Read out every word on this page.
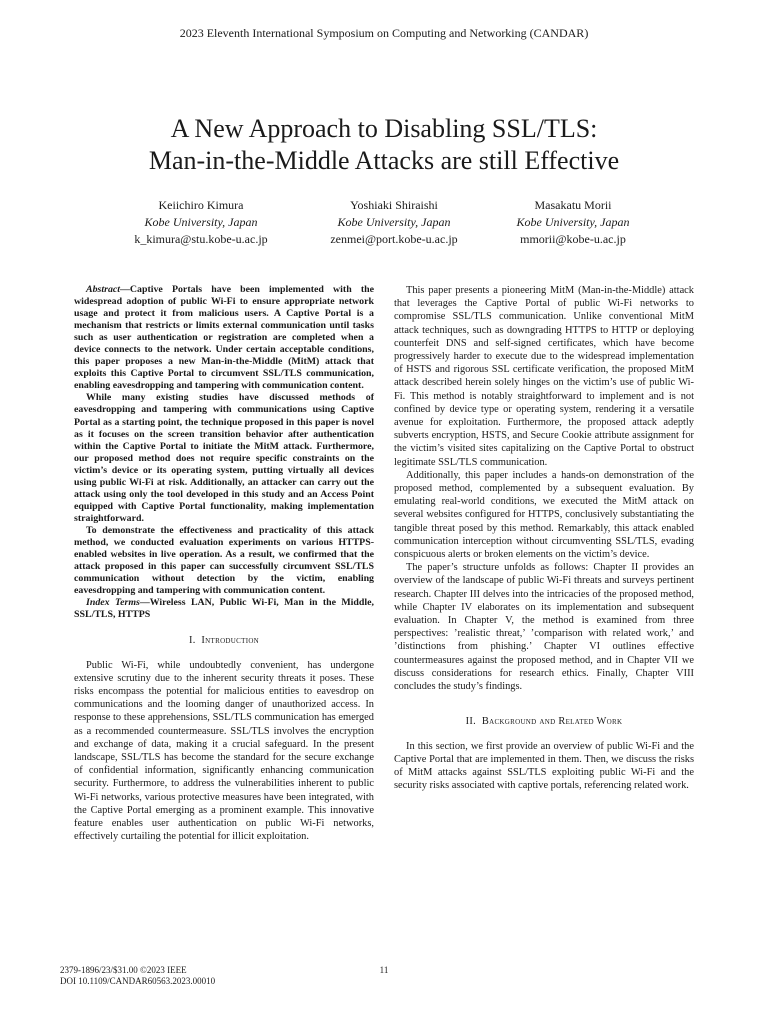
2023 Eleventh International Symposium on Computing and Networking (CANDAR)
A New Approach to Disabling SSL/TLS:
Man-in-the-Middle Attacks are still Effective
Keiichiro Kimura
Kobe University, Japan
k_kimura@stu.kobe-u.ac.jp
Yoshiaki Shiraishi
Kobe University, Japan
zenmei@port.kobe-u.ac.jp
Masakatu Morii
Kobe University, Japan
mmorii@kobe-u.ac.jp

Abstract—Captive Portals have been implemented with the widespread adoption of public Wi-Fi to ensure appropriate network usage and protect it from malicious users. A Captive Portal is a mechanism that restricts or limits external communication until tasks such as user authentication or registration are completed when a device connects to the network. Under certain acceptable conditions, this paper proposes a new Man-in-the-Middle (MitM) attack that exploits this Captive Portal to circumvent SSL/TLS communication, enabling eavesdropping and tampering with communication content.

While many existing studies have discussed methods of eavesdropping and tampering with communications using Captive Portal as a starting point, the technique proposed in this paper is novel as it focuses on the screen transition behavior after authentication within the Captive Portal to initiate the MitM attack. Furthermore, our proposed method does not require specific constraints on the victim’s device or its operating system, putting virtually all devices using public Wi-Fi at risk. Additionally, an attacker can carry out the attack using only the tool developed in this study and an Access Point equipped with Captive Portal functionality, making implementation straightforward.

To demonstrate the effectiveness and practicality of this attack method, we conducted evaluation experiments on various HTTPS-enabled websites in live operation. As a result, we confirmed that the attack proposed in this paper can successfully circumvent SSL/TLS communication without detection by the victim, enabling eavesdropping and tampering with communication content.

Index Terms—Wireless LAN, Public Wi-Fi, Man in the Middle, SSL/TLS, HTTPS

I. Introduction

Public Wi-Fi, while undoubtedly convenient, has undergone extensive scrutiny due to the inherent security threats it poses. These risks encompass the potential for malicious entities to eavesdrop on communications and the looming danger of unauthorized access. In response to these apprehensions, SSL/TLS communication has emerged as a recommended countermeasure. SSL/TLS involves the encryption and exchange of data, making it a crucial safeguard. In the present landscape, SSL/TLS has become the standard for the secure exchange of confidential information, significantly enhancing communication security. Furthermore, to address the vulnerabilities inherent to public Wi-Fi networks, various protective measures have been integrated, with the Captive Portal emerging as a prominent example. This innovative feature enables user authentication on public Wi-Fi networks, effectively curtailing the potential for illicit exploitation.

This paper presents a pioneering MitM (Man-in-the-Middle) attack that leverages the Captive Portal of public Wi-Fi networks to compromise SSL/TLS communication. Unlike conventional MitM attack techniques, such as downgrading HTTPS to HTTP or deploying counterfeit DNS and self-signed certificates, which have become progressively harder to execute due to the widespread implementation of HSTS and rigorous SSL certificate verification, the proposed MitM attack described herein solely hinges on the victim’s use of public Wi-Fi. This method is notably straightforward to implement and is not confined by device type or operating system, rendering it a versatile avenue for exploitation. Furthermore, the proposed attack adeptly subverts encryption, HSTS, and Secure Cookie attribute assignment for the victim’s visited sites capitalizing on the Captive Portal to obstruct legitimate SSL/TLS communication.

Additionally, this paper includes a hands-on demonstration of the proposed method, complemented by a subsequent evaluation. By emulating real-world conditions, we executed the MitM attack on several websites configured for HTTPS, conclusively substantiating the tangible threat posed by this method. Remarkably, this attack enabled communication interception without circumventing SSL/TLS, evading conspicuous alerts or broken elements on the victim’s device.

The paper’s structure unfolds as follows: Chapter II provides an overview of the landscape of public Wi-Fi threats and surveys pertinent research. Chapter III delves into the intricacies of the proposed method, while Chapter IV elaborates on its implementation and subsequent evaluation. In Chapter V, the method is examined from three perspectives: ’realistic threat,’ ’comparison with related work,’ and ’distinctions from phishing.’ Chapter VI outlines effective countermeasures against the proposed method, and in Chapter VII we discuss considerations for research ethics. Finally, Chapter VIII concludes the study’s findings.

II. Background and Related Work

In this section, we first provide an overview of public Wi-Fi and the Captive Portal that are implemented in them. Then, we discuss the risks of MitM attacks against SSL/TLS exploiting public Wi-Fi and the security risks associated with captive portals, referencing related work.

2379-1896/23/$31.00 ©2023 IEEE
DOI 10.1109/CANDAR60563.2023.00010
11
